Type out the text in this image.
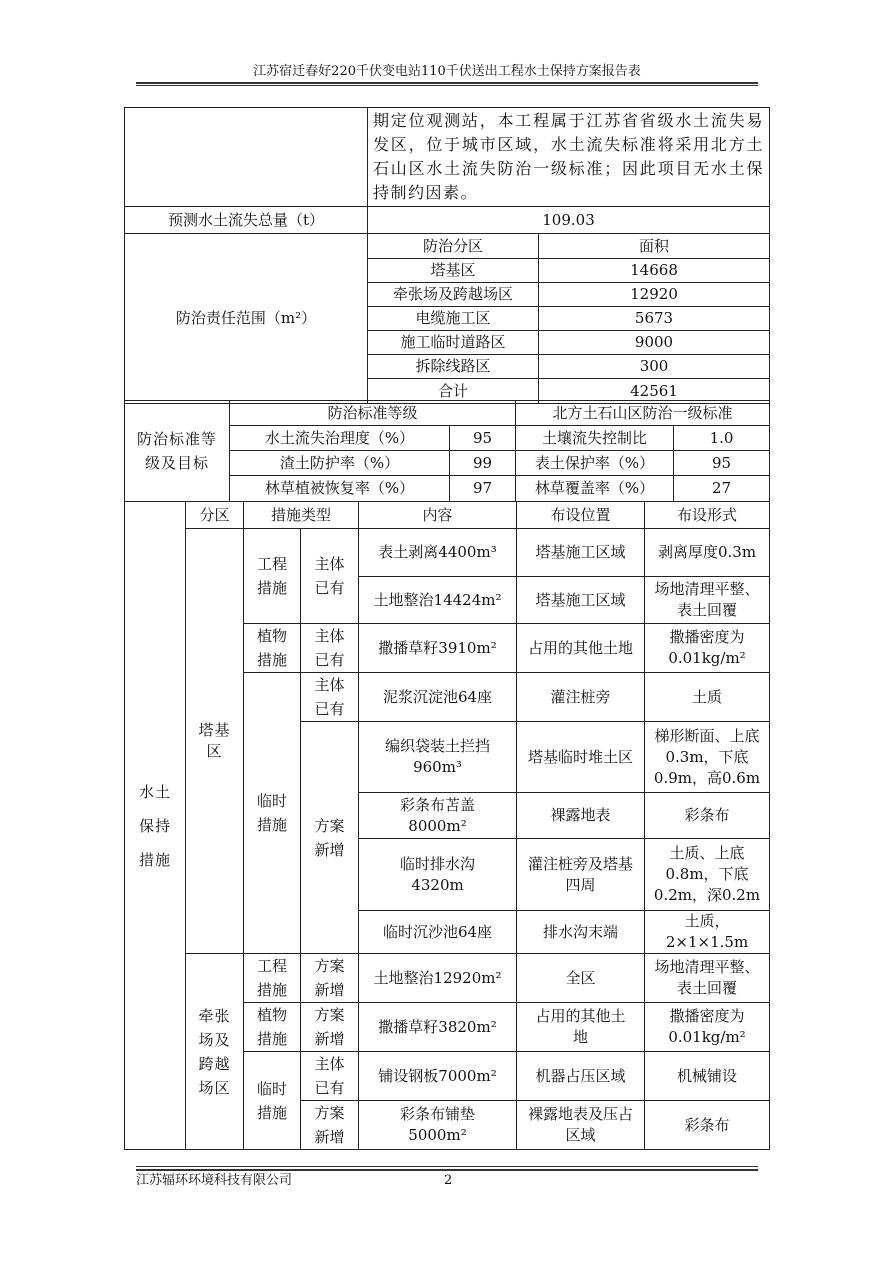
江苏宿迁春好220千伏变电站110千伏送出工程水土保持方案报告表
	期定位观测站，本工程属于江苏省省级水土流失易发区，位于城市区域，水土流失标准将采用北方土石山区水土流失防治一级标准；因此项目无水土保持制约因素。	
预测水土流失总量（t）	109.03	
防治责任范围（m²）	防治分区	面积
	塔基区	14668
	牵张场及跨越场区	12920
	电缆施工区	5673
	施工临时道路区	9000
	拆除线路区	300
	合计	42561
防治标准等级及目标	防治标准等级		北方土石山区防治一级标准	
	水土流失治理度（%）	95	土壤流失控制比	1.0
	渣土防护率（%）	99	表土保护率（%）	95
	林草植被恢复率（%）	97	林草覆盖率（%）	27
水土保持措施	分区	措施类型		内容	布设位置	布设形式
	塔基区	工程措施	主体已有	表土剥离4400m³	塔基施工区域	剥离厚度0.3m
				土地整治14424m²	塔基施工区域	场地清理平整、表土回覆
		植物措施	主体已有	撒播草籽3910m²	占用的其他土地	撒播密度为0.01kg/m²
		临时措施	主体已有	泥浆沉淀池64座	灌注桩旁	土质
			方案新增	编织袋装土拦挡960m³	塔基临时堆土区	梯形断面、上底0.3m，下底0.9m，高0.6m
				彩条布苫盖8000m²	裸露地表	彩条布
				临时排水沟4320m	灌注桩旁及塔基四周	土质、上底0.8m，下底0.2m，深0.2m
				临时沉沙池64座	排水沟末端	土质，2×1×1.5m

	牵张场及跨越场区	工程措施	方案新增	土地整治12920m²	全区	场地清理平整、表土回覆
		植物措施	方案新增	撒播草籽3820m²	占用的其他土地	撒播密度为0.01kg/m²
		临时措施	主体已有	铺设钢板7000m²	机器占压区域	机械铺设
			方案新增	彩条布铺垫5000m²	裸露地表及压占区域	彩条布
江苏辐环环境科技有限公司	2
